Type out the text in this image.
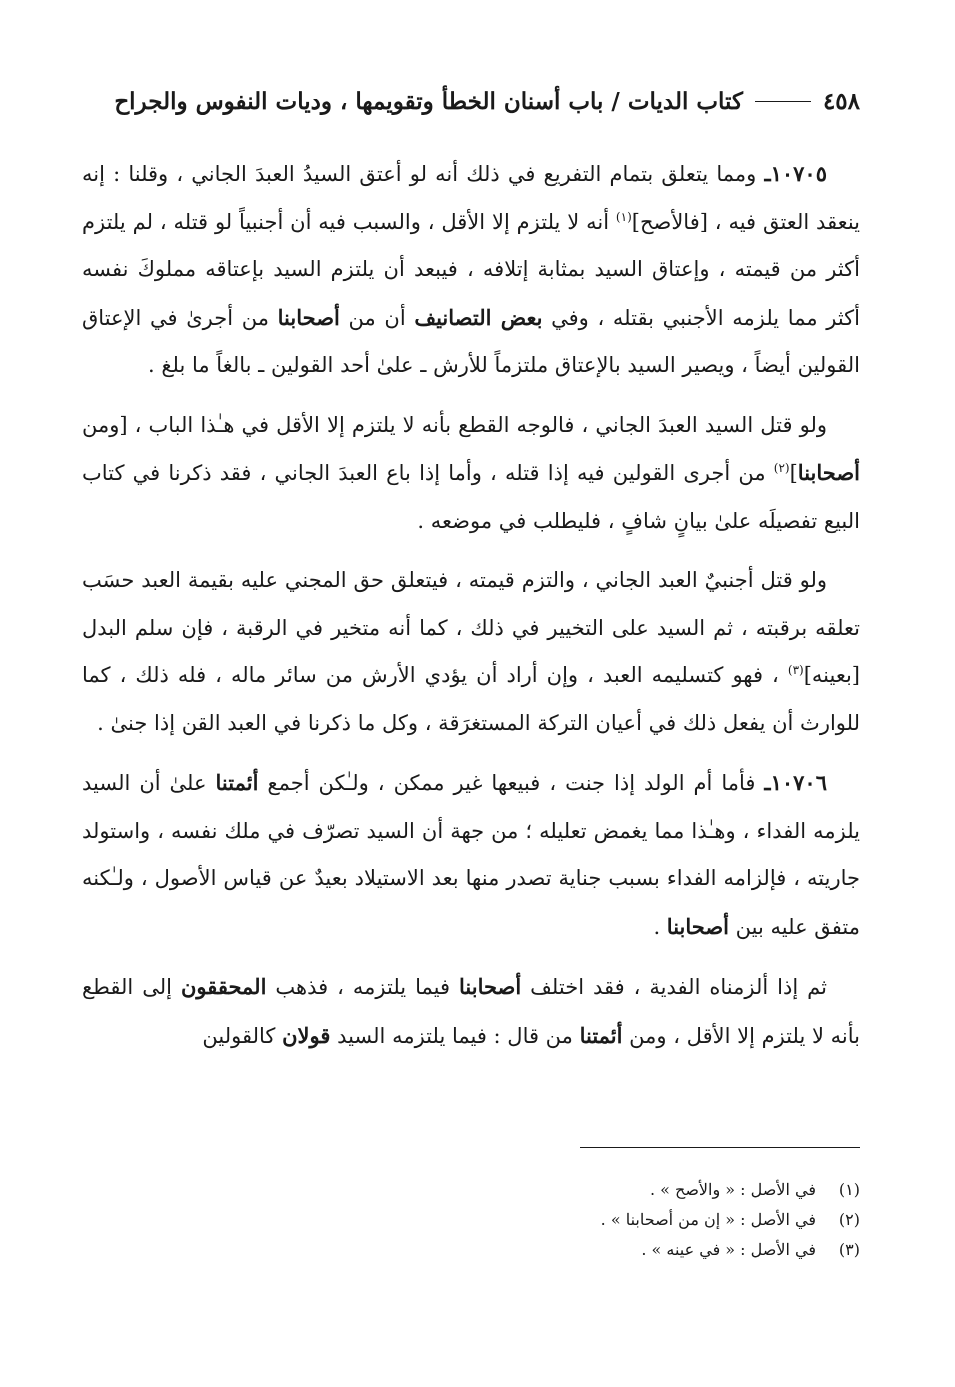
٤٥٨
كتاب الديات / باب أسنان الخطأ وتقويمها ، وديات النفوس والجراح

١٠٧٠٥ـ ومما يتعلق بتمام التفريع في ذلك أنه لو أعتق السيدُ العبدَ الجاني ، وقلنا : إنه ينعقد العتق فيه ، [فالأصح]$^{(١)}$ أنه لا يلتزم إلا الأقل ، والسبب فيه أن أجنبياً لو قتله ، لم يلتزم أكثر من قيمته ، وإعتاق السيد بمثابة إتلافه ، فيبعد أن يلتزم السيد بإعتاقه مملوكَ نفسه أكثر مما يلزمه الأجنبي بقتله ، وفي بعض التصانيف أن من أصحابنا من أجرىٰ في الإعتاق القولين أيضاً ، ويصير السيد بالإعتاق ملتزماً للأرش ـ علىٰ أحد القولين ـ بالغاً ما بلغ .

ولو قتل السيد العبدَ الجاني ، فالوجه القطع بأنه لا يلتزم إلا الأقل في هـٰذا الباب ، [ومن أصحابنا]$^{(٢)}$ من أجرى القولين فيه إذا قتله ، وأما إذا باع العبدَ الجاني ، فقد ذكرنا في كتاب البيع تفصيلَه علىٰ بيانٍ شافٍ ، فليطلب في موضعه .

ولو قتل أجنبيٌ العبد الجاني ، والتزم قيمته ، فيتعلق حق المجني عليه بقيمة العبد حسَب تعلقه برقبته ، ثم السيد على التخيير في ذلك ، كما أنه متخير في الرقبة ، فإن سلم البدل [بعينه]$^{(٣)}$ ، فهو كتسليمه العبد ، وإن أراد أن يؤدي الأرش من سائر ماله ، فله ذلك ، كما للوارث أن يفعل ذلك في أعيان التركة المستغرَقة ، وكل ما ذكرنا في العبد القن إذا جنىٰ .

١٠٧٠٦ـ فأما أم الولد إذا جنت ، فبيعها غير ممكن ، ولـٰكن أجمع أئمتنا علىٰ أن السيد يلزمه الفداء ، وهـٰذا مما يغمض تعليله ؛ من جهة أن السيد تصرّف في ملك نفسه ، واستولد جاريته ، فإلزامه الفداء بسبب جناية تصدر منها بعد الاستيلاد بعيدٌ عن قياس الأصول ، ولـٰكنه متفق عليه بين أصحابنا .

ثم إذا ألزمناه الفدية ، فقد اختلف أصحابنا فيما يلتزمه ، فذهب المحققون إلى القطع بأنه لا يلتزم إلا الأقل ، ومن أئمتنا من قال : فيما يلتزمه السيد قولان كالقولين

(١)
في الأصل : « والأصح » .
(٢)
في الأصل : « إن من أصحابنا » .
(٣)
في الأصل : « في عينه » .
